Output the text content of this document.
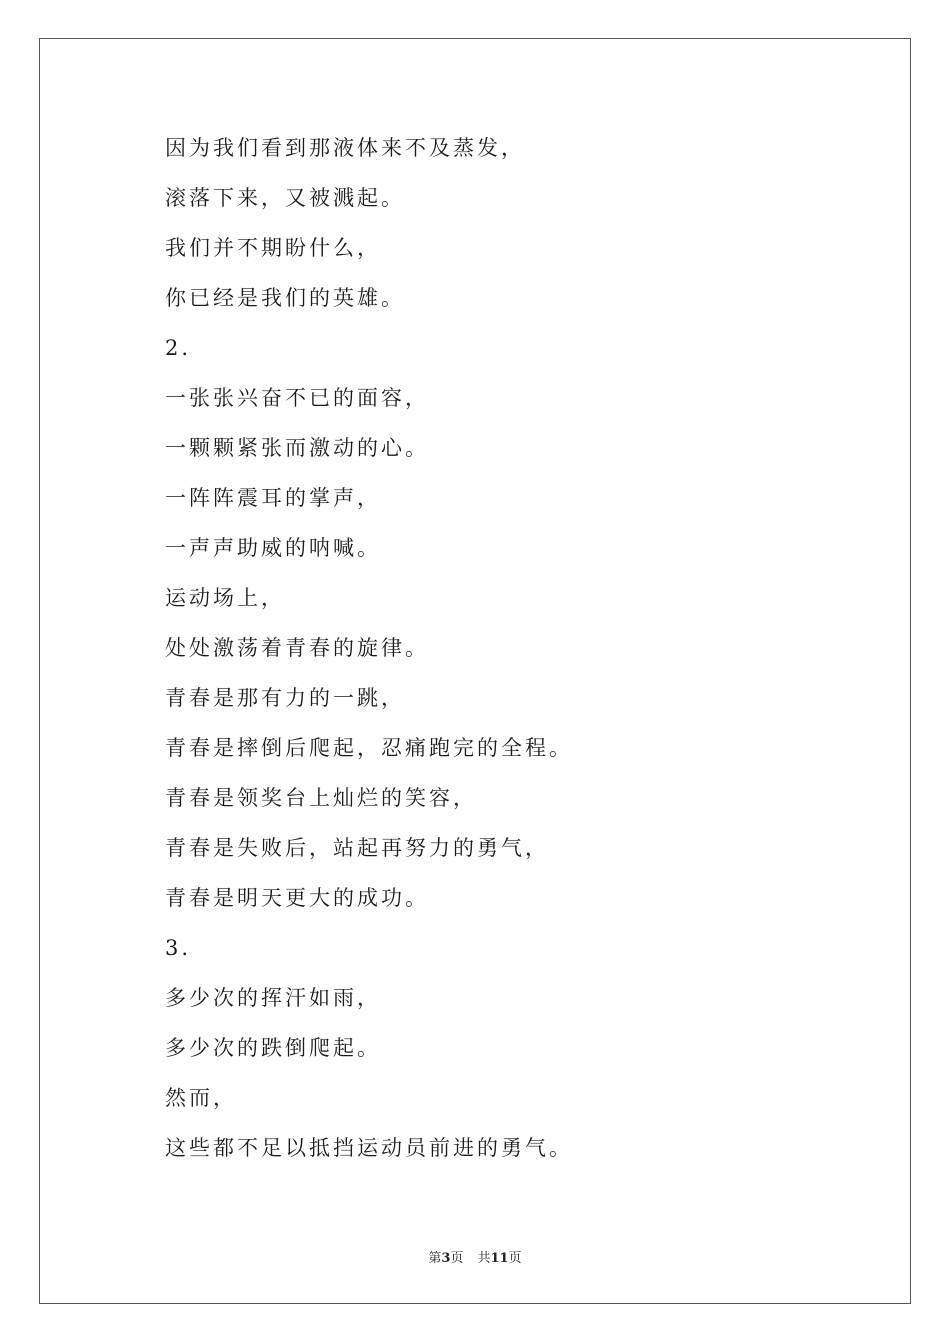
因为我们看到那液体来不及蒸发，
滚落下来，又被溅起。
我们并不期盼什么，
你已经是我们的英雄。
2.
一张张兴奋不已的面容，
一颗颗紧张而激动的心。
一阵阵震耳的掌声，
一声声助威的呐喊。
运动场上，
处处激荡着青春的旋律。
青春是那有力的一跳，
青春是摔倒后爬起，忍痛跑完的全程。
青春是领奖台上灿烂的笑容，
青春是失败后，站起再努力的勇气，
青春是明天更大的成功。
3.
多少次的挥汗如雨，
多少次的跌倒爬起。
然而，
这些都不足以抵挡运动员前进的勇气。
第3页 共11页
